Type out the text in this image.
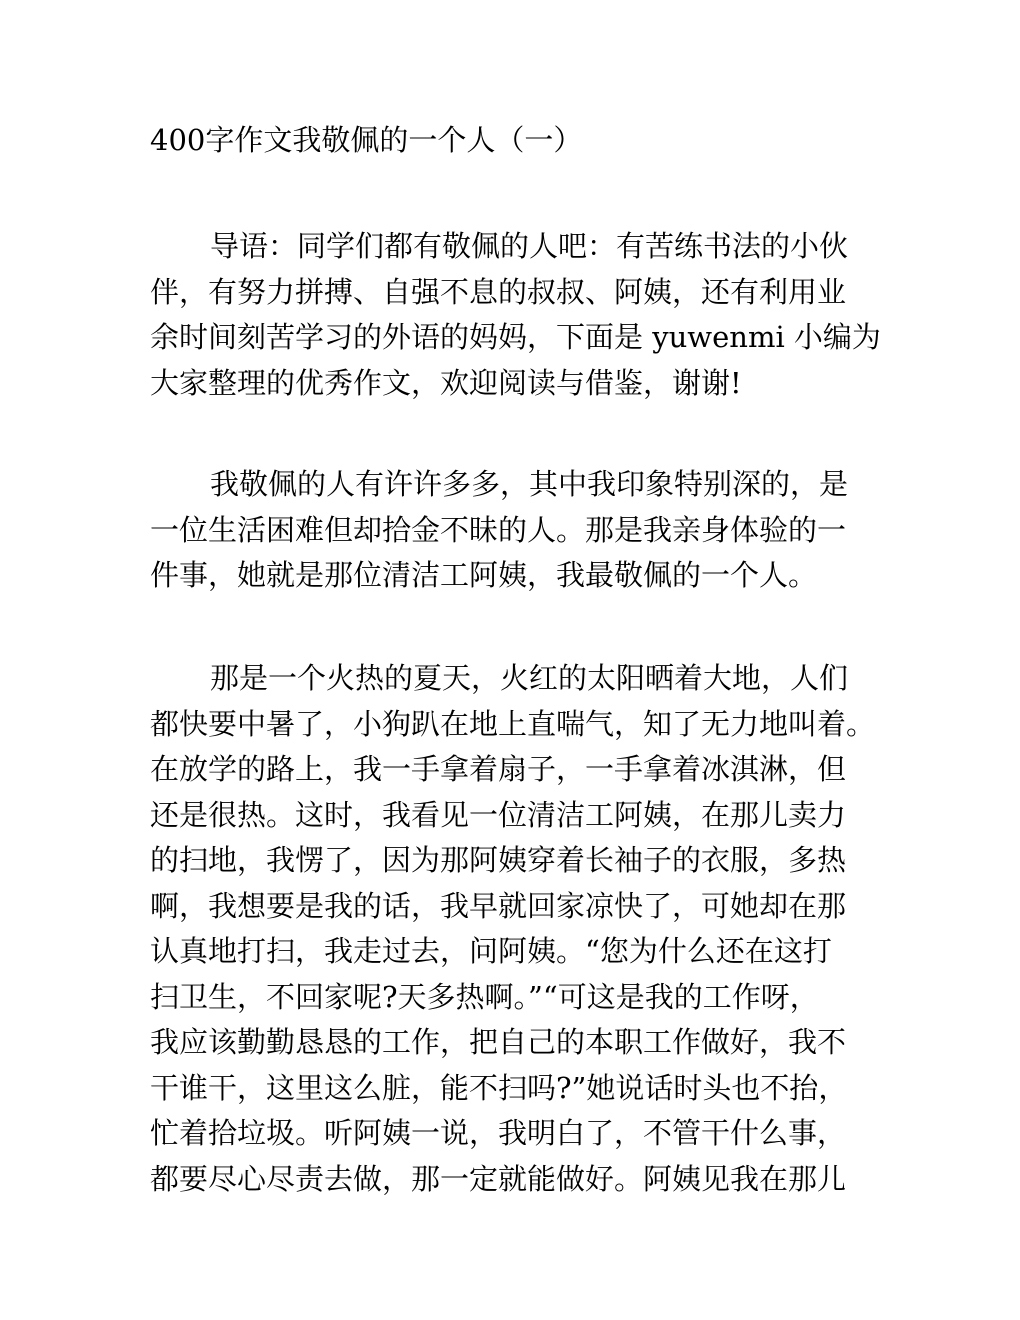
400字作文我敬佩的一个人（一）
导语：同学们都有敬佩的人吧：有苦练书法的小伙
伴，有努力拼搏、自强不息的叔叔、阿姨，还有利用业
余时间刻苦学习的外语的妈妈，下面是 yuwenmi 小编为
大家整理的优秀作文，欢迎阅读与借鉴，谢谢!
我敬佩的人有许许多多，其中我印象特别深的，是
一位生活困难但却拾金不昧的人。那是我亲身体验的一
件事，她就是那位清洁工阿姨，我最敬佩的一个人。
那是一个火热的夏天，火红的太阳晒着大地，人们
都快要中暑了，小狗趴在地上直喘气，知了无力地叫着。
在放学的路上，我一手拿着扇子，一手拿着冰淇淋，但
还是很热。这时，我看见一位清洁工阿姨，在那儿卖力
的扫地，我愣了，因为那阿姨穿着长袖子的衣服，多热
啊，我想要是我的话，我早就回家凉快了，可她却在那
认真地打扫，我走过去，问阿姨。“您为什么还在这打
扫卫生，不回家呢?天多热啊。”“可这是我的工作呀，
我应该勤勤恳恳的工作，把自己的本职工作做好，我不
干谁干，这里这么脏，能不扫吗?”她说话时头也不抬，
忙着拾垃圾。听阿姨一说，我明白了，不管干什么事，
都要尽心尽责去做，那一定就能做好。阿姨见我在那儿
